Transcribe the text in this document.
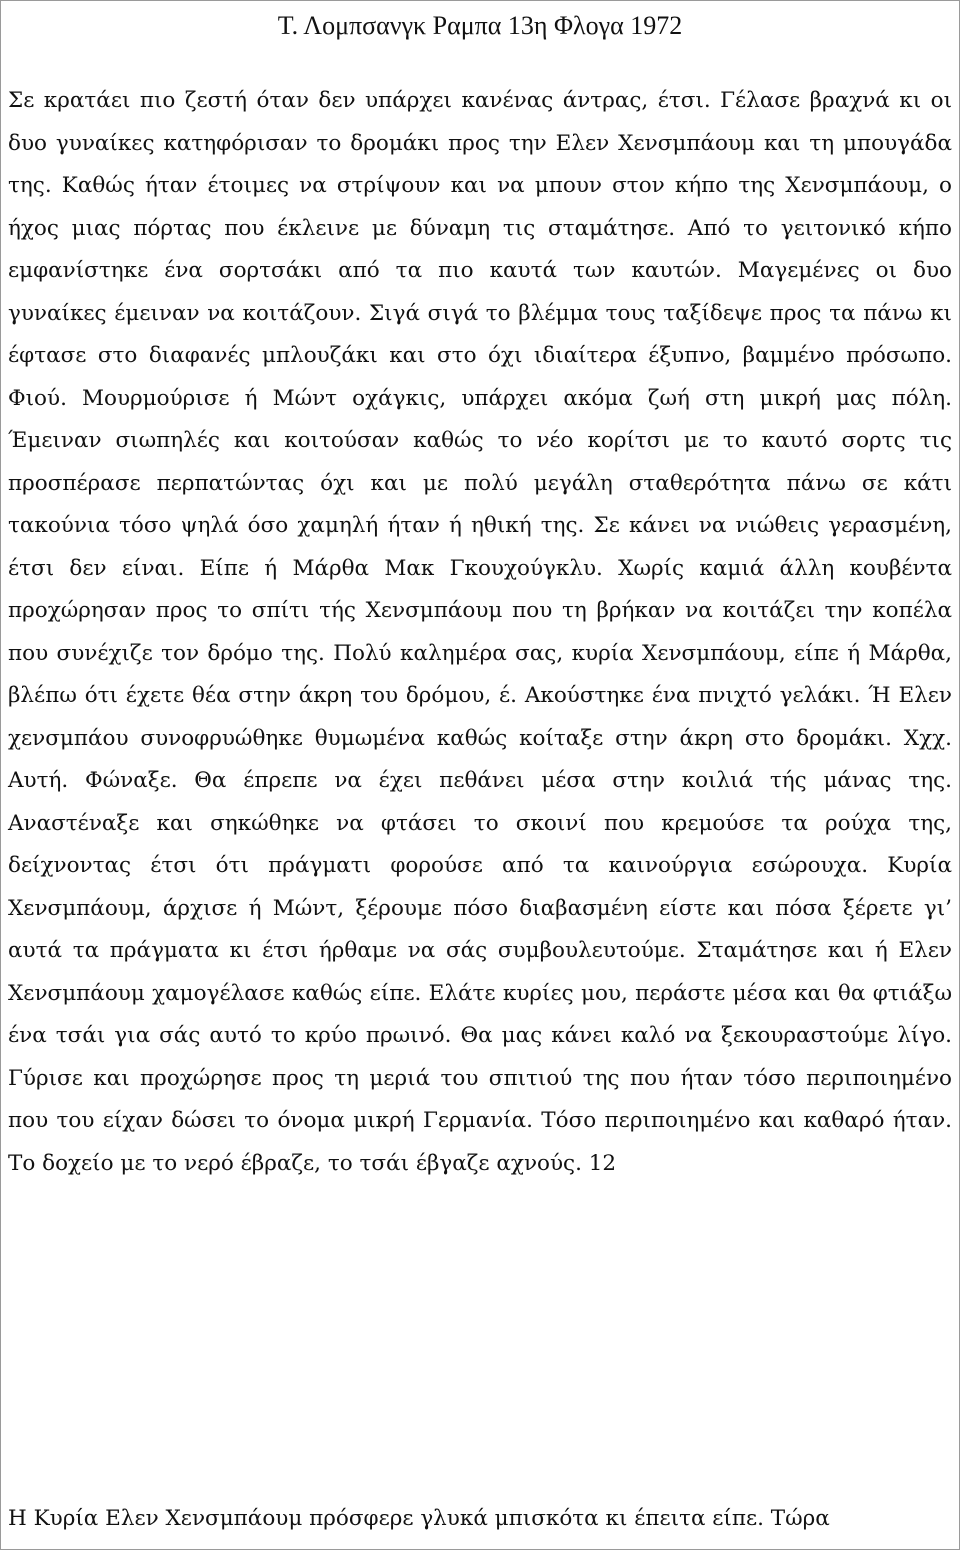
Τ. Λομπσανγκ Ραμπα 13η Φλογα 1972

Σε κρατάει πιο ζεστή όταν δεν υπάρχει κανένας άντρας, έτσι. Γέλασε βραχνά κι οι δυο γυναίκες κατηφόρισαν το δρομάκι προς την Ελεν Χενσμπάουμ και τη μπουγάδα της. Καθώς ήταν έτοιμες να στρίψουν και να μπουν στον κήπο της Χενσμπάουμ, ο ήχος μιας πόρτας που έκλεινε με δύναμη τις σταμάτησε. Από το γειτονικό κήπο εμφανίστηκε ένα σορτσάκι από τα πιο καυτά των καυτών. Μαγεμένες οι δυο γυναίκες έμειναν να κοιτάζουν. Σιγά σιγά το βλέμμα τους ταξίδεψε προς τα πάνω κι έφτασε στο διαφανές μπλουζάκι και στο όχι ιδιαίτερα έξυπνο, βαμμένο πρόσωπο. Φιού. Μουρμούρισε ή Μώντ οχάγκις, υπάρχει ακόμα ζωή στη μικρή μας πόλη. Έμειναν σιωπηλές και κοιτούσαν καθώς το νέο κορίτσι με το καυτό σορτς τις προσπέρασε περπατώντας όχι και με πολύ μεγάλη σταθερότητα πάνω σε κάτι τακούνια τόσο ψηλά όσο χαμηλή ήταν ή ηθική της. Σε κάνει να νιώθεις γερασμένη, έτσι δεν είναι. Είπε ή Μάρθα Μακ Γκουχούγκλυ. Χωρίς καμιά άλλη κουβέντα προχώρησαν προς το σπίτι τής Χενσμπάουμ που τη βρήκαν να κοιτάζει την κοπέλα που συνέχιζε τον δρόμο της. Πολύ καλημέρα σας, κυρία Χενσμπάουμ, είπε ή Μάρθα, βλέπω ότι έχετε θέα στην άκρη του δρόμου, έ. Ακούστηκε ένα πνιχτό γελάκι. Ή Ελεν χενσμπάου συνοφρυώθηκε θυμωμένα καθώς κοίταξε στην άκρη στο δρομάκι. Χχχ. Αυτή. Φώναξε. Θα έπρεπε να έχει πεθάνει μέσα στην κοιλιά τής μάνας της. Αναστέναξε και σηκώθηκε να φτάσει το σκοινί που κρεμούσε τα ρούχα της, δείχνοντας έτσι ότι πράγματι φορούσε από τα καινούργια εσώρουχα. Κυρία Χενσμπάουμ, άρχισε ή Μώντ, ξέρουμε πόσο διαβασμένη είστε και πόσα ξέρετε γι’ αυτά τα πράγματα κι έτσι ήρθαμε να σάς συμβουλευτούμε. Σταμάτησε και ή Ελεν Χενσμπάουμ χαμογέλασε καθώς είπε. Ελάτε κυρίες μου, περάστε μέσα και θα φτιάξω ένα τσάι για σάς αυτό το κρύο πρωινό. Θα μας κάνει καλό να ξεκουραστούμε λίγο. Γύρισε και προχώρησε προς τη μεριά του σπιτιού της που ήταν τόσο περιποιημένο που του είχαν δώσει το όνομα μικρή Γερμανία. Τόσο περιποιημένο και καθαρό ήταν. Το δοχείο με το νερό έβραζε, το τσάι έβγαζε αχνούς. 12

Η Κυρία Ελεν Χενσμπάουμ πρόσφερε γλυκά μπισκότα κι έπειτα είπε. Τώρα
